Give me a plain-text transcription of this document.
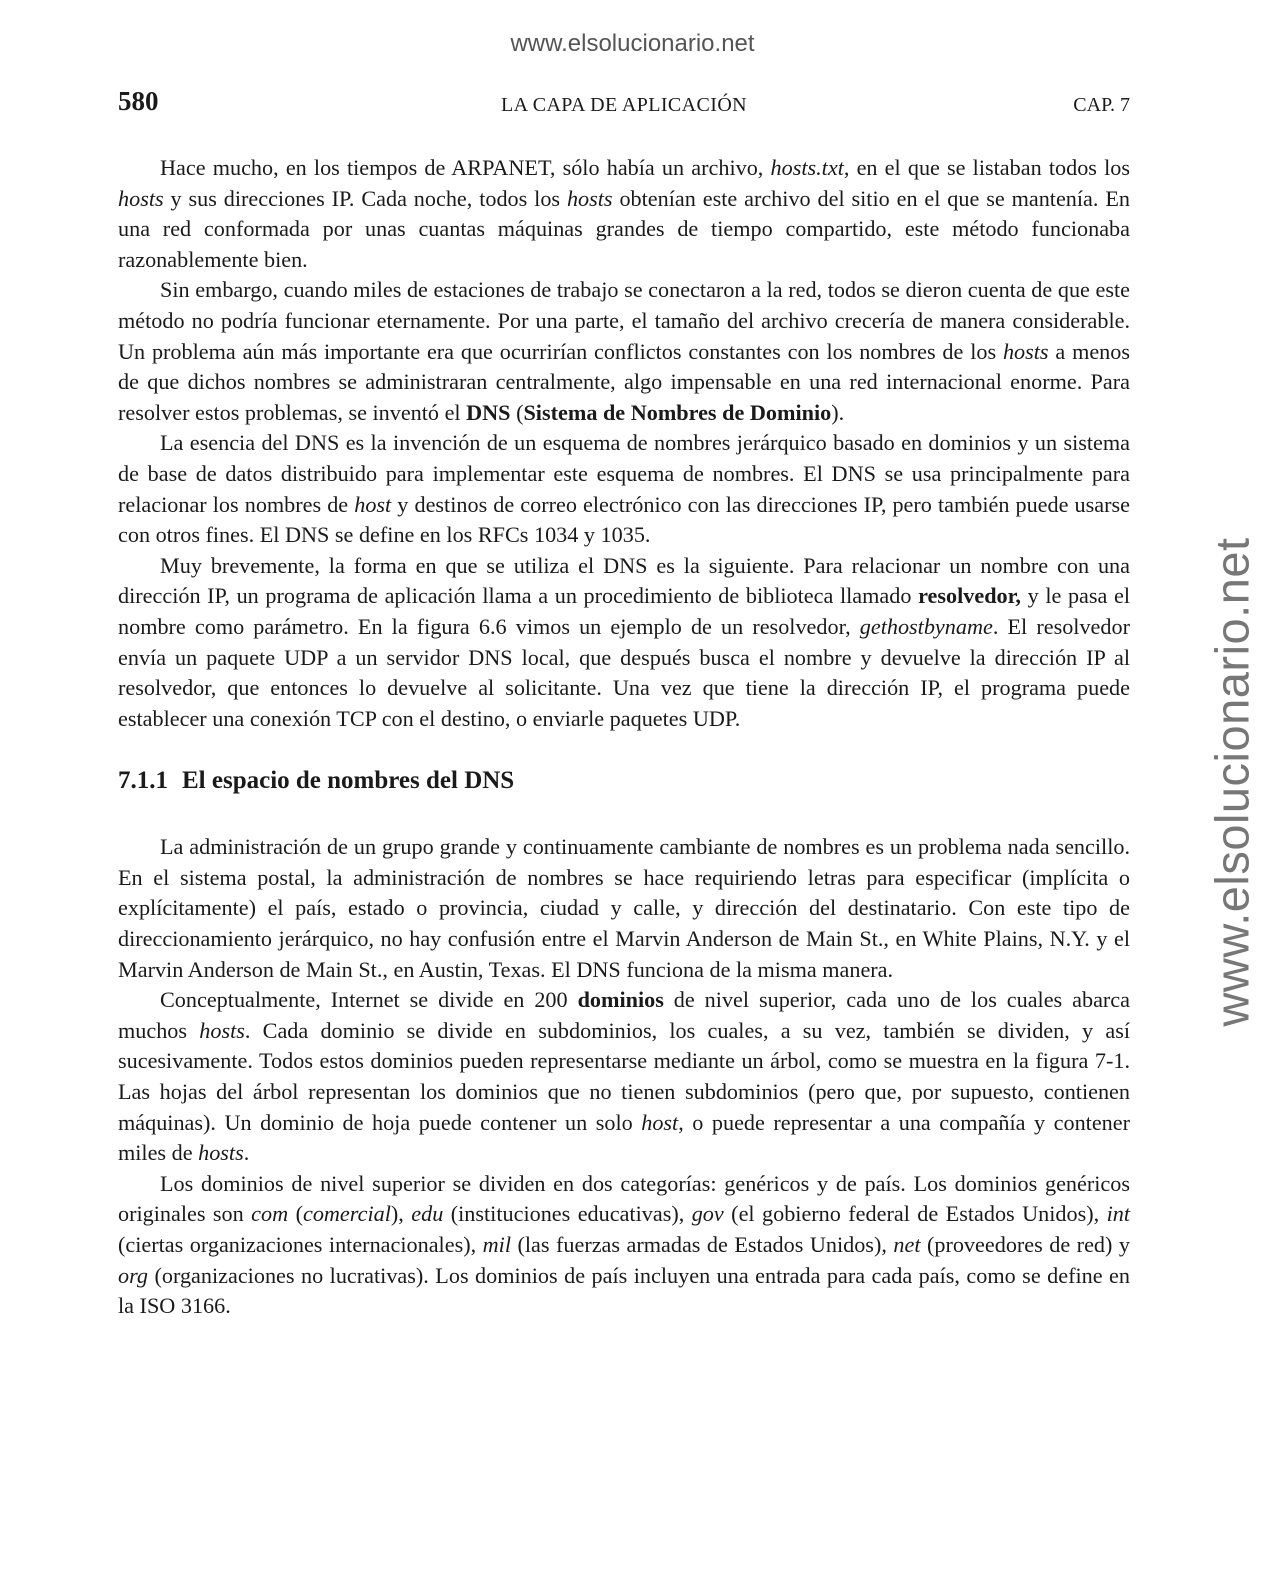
www.elsolucionario.net
www.elsolucionario.net
580	LA CAPA DE APLICACIÓN	CAP. 7

Hace mucho, en los tiempos de ARPANET, sólo había un archivo, hosts.txt, en el que se listaban todos los hosts y sus direcciones IP. Cada noche, todos los hosts obtenían este archivo del sitio en el que se mantenía. En una red conformada por unas cuantas máquinas grandes de tiempo compartido, este método funcionaba razonablemente bien.

Sin embargo, cuando miles de estaciones de trabajo se conectaron a la red, todos se dieron cuenta de que este método no podría funcionar eternamente. Por una parte, el tamaño del archivo crecería de manera considerable. Un problema aún más importante era que ocurrirían conflictos constantes con los nombres de los hosts a menos de que dichos nombres se administraran centralmente, algo impensable en una red internacional enorme. Para resolver estos problemas, se inventó el DNS (Sistema de Nombres de Dominio).

La esencia del DNS es la invención de un esquema de nombres jerárquico basado en dominios y un sistema de base de datos distribuido para implementar este esquema de nombres. El DNS se usa principalmente para relacionar los nombres de host y destinos de correo electrónico con las direcciones IP, pero también puede usarse con otros fines. El DNS se define en los RFCs 1034 y 1035.

Muy brevemente, la forma en que se utiliza el DNS es la siguiente. Para relacionar un nombre con una dirección IP, un programa de aplicación llama a un procedimiento de biblioteca llamado resolvedor, y le pasa el nombre como parámetro. En la figura 6.6 vimos un ejemplo de un resolvedor, gethostbyname. El resolvedor envía un paquete UDP a un servidor DNS local, que después busca el nombre y devuelve la dirección IP al resolvedor, que entonces lo devuelve al solicitante. Una vez que tiene la dirección IP, el programa puede establecer una conexión TCP con el destino, o enviarle paquetes UDP.

7.1.1 El espacio de nombres del DNS

La administración de un grupo grande y continuamente cambiante de nombres es un problema nada sencillo. En el sistema postal, la administración de nombres se hace requiriendo letras para especificar (implícita o explícitamente) el país, estado o provincia, ciudad y calle, y dirección del destinatario. Con este tipo de direccionamiento jerárquico, no hay confusión entre el Marvin Anderson de Main St., en White Plains, N.Y. y el Marvin Anderson de Main St., en Austin, Texas. El DNS funciona de la misma manera.

Conceptualmente, Internet se divide en 200 dominios de nivel superior, cada uno de los cuales abarca muchos hosts. Cada dominio se divide en subdominios, los cuales, a su vez, también se dividen, y así sucesivamente. Todos estos dominios pueden representarse mediante un árbol, como se muestra en la figura 7-1. Las hojas del árbol representan los dominios que no tienen subdominios (pero que, por supuesto, contienen máquinas). Un dominio de hoja puede contener un solo host, o puede representar a una compañía y contener miles de hosts.

Los dominios de nivel superior se dividen en dos categorías: genéricos y de país. Los dominios genéricos originales son com (comercial), edu (instituciones educativas), gov (el gobierno federal de Estados Unidos), int (ciertas organizaciones internacionales), mil (las fuerzas armadas de Estados Unidos), net (proveedores de red) y org (organizaciones no lucrativas). Los dominios de país incluyen una entrada para cada país, como se define en la ISO 3166.
